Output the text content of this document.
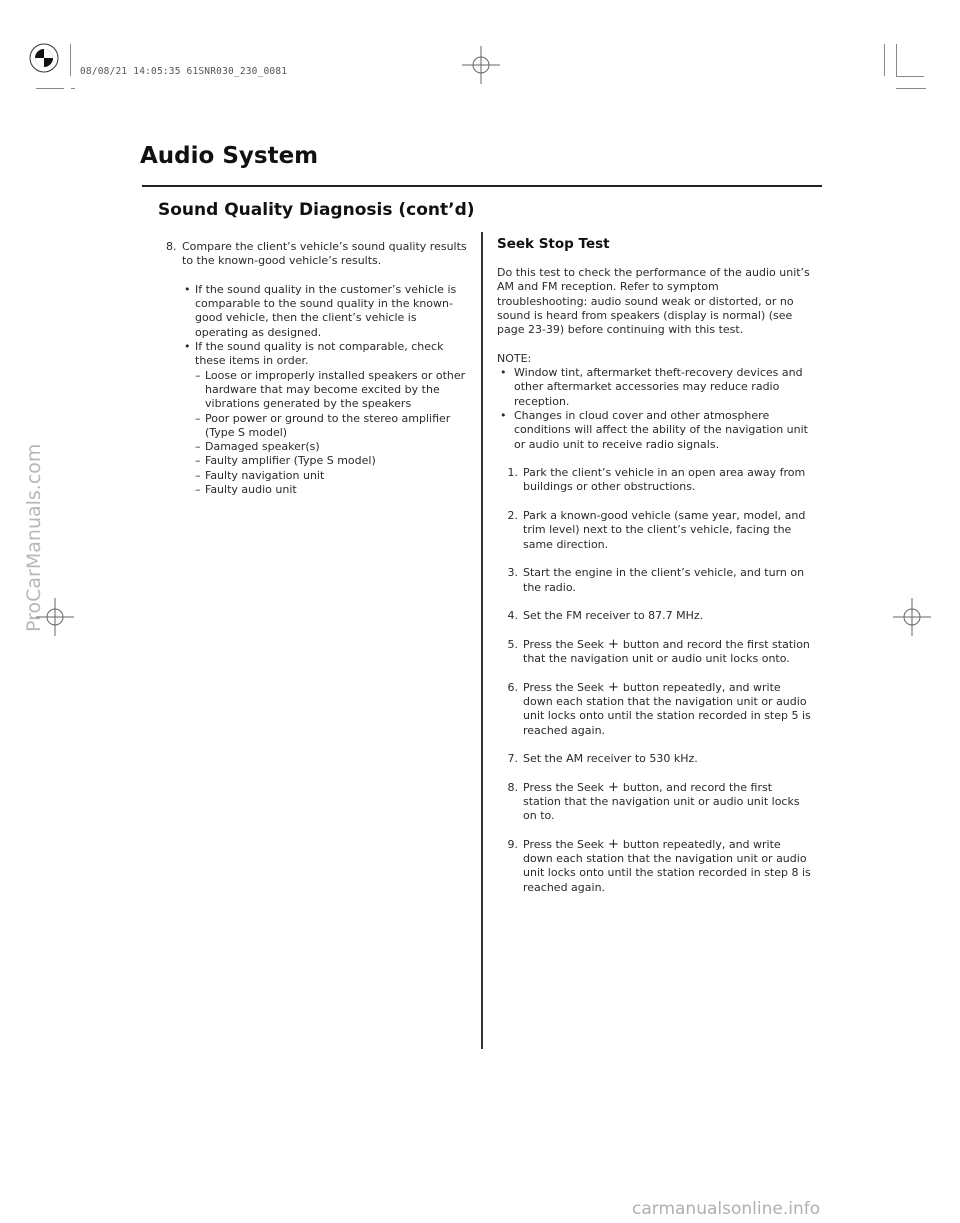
08/08/21 14:05:35 61SNR030_230_0081
Audio System
Sound Quality Diagnosis (cont’d)
8. Compare the client’s vehicle’s sound quality results to the known-good vehicle’s results.
• If the sound quality in the customer’s vehicle is comparable to the sound quality in the known-good vehicle, then the client’s vehicle is operating as designed.
• If the sound quality is not comparable, check these items in order.
– Loose or improperly installed speakers or other hardware that may become excited by the vibrations generated by the speakers
– Poor power or ground to the stereo amplifier (Type S model)
– Damaged speaker(s)
– Faulty amplifier (Type S model)
– Faulty navigation unit
– Faulty audio unit
Seek Stop Test
Do this test to check the performance of the audio unit’s AM and FM reception. Refer to symptom troubleshooting: audio sound weak or distorted, or no sound is heard from speakers (display is normal) (see page 23-39) before continuing with this test.
NOTE:
• Window tint, aftermarket theft-recovery devices and other aftermarket accessories may reduce radio reception.
• Changes in cloud cover and other atmosphere conditions will affect the ability of the navigation unit or audio unit to receive radio signals.
1. Park the client’s vehicle in an open area away from buildings or other obstructions.
2. Park a known-good vehicle (same year, model, and trim level) next to the client’s vehicle, facing the same direction.
3. Start the engine in the client’s vehicle, and turn on the radio.
4. Set the FM receiver to 87.7 MHz.
5. Press the Seek + button and record the first station that the navigation unit or audio unit locks onto.
6. Press the Seek + button repeatedly, and write down each station that the navigation unit or audio unit locks onto until the station recorded in step 5 is reached again.
7. Set the AM receiver to 530 kHz.
8. Press the Seek + button, and record the first station that the navigation unit or audio unit locks on to.
9. Press the Seek + button repeatedly, and write down each station that the navigation unit or audio unit locks onto until the station recorded in step 8 is reached again.
ProCarManuals.com
carmanualsonline.info
